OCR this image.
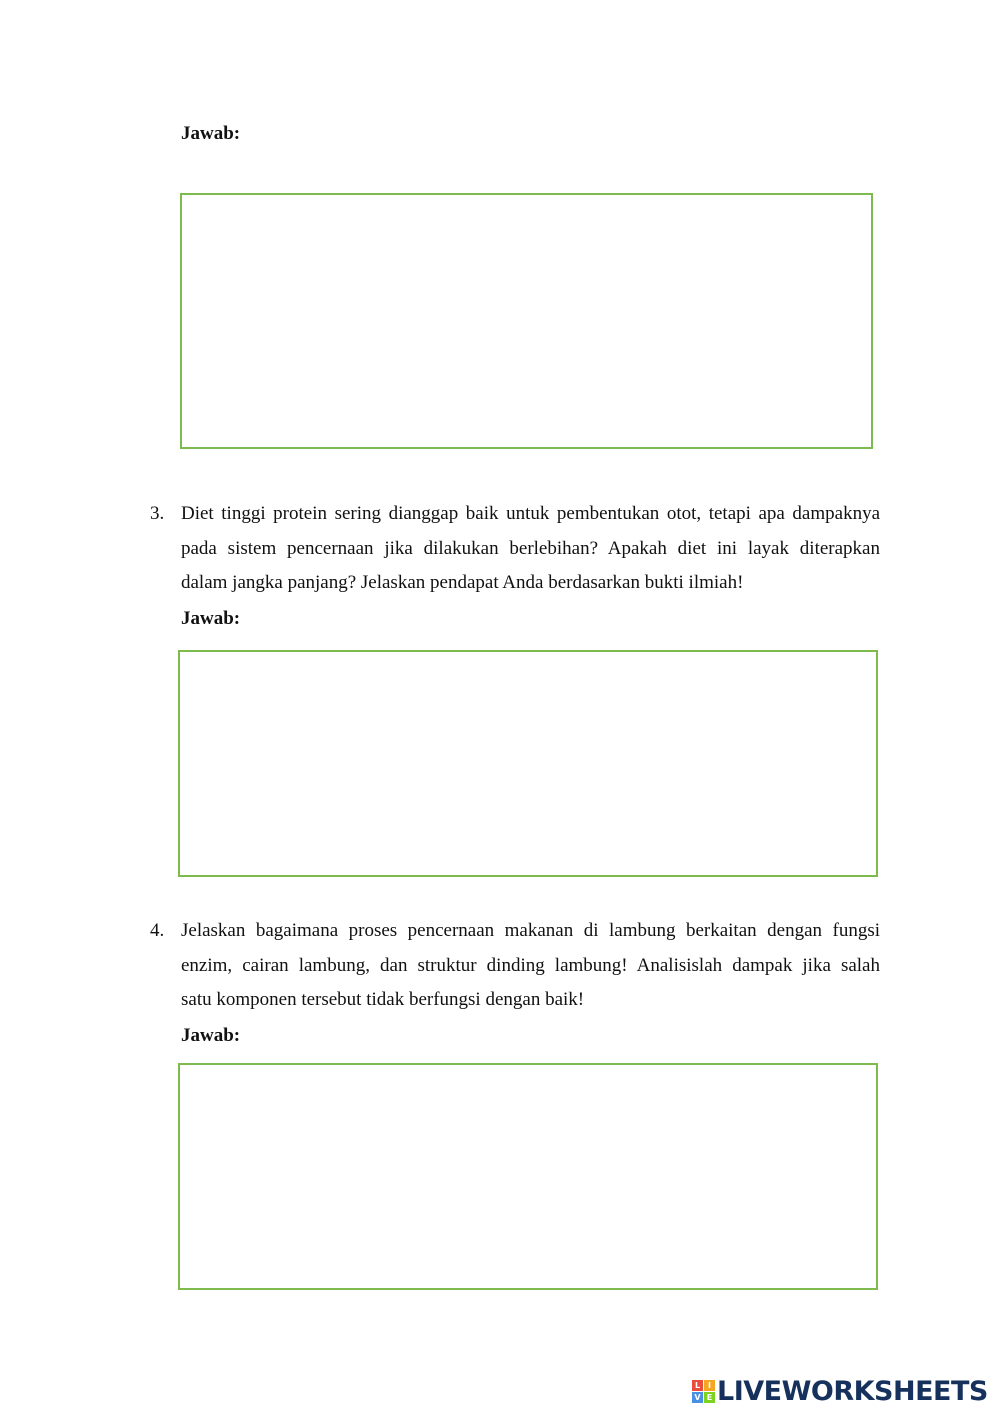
Jawab:
3. Diet tinggi protein sering dianggap baik untuk pembentukan otot, tetapi apa dampaknya
pada sistem pencernaan jika dilakukan berlebihan? Apakah diet ini layak diterapkan
dalam jangka panjang? Jelaskan pendapat Anda berdasarkan bukti ilmiah!
Jawab:
4. Jelaskan bagaimana proses pencernaan makanan di lambung berkaitan dengan fungsi
enzim, cairan lambung, dan struktur dinding lambung! Analisislah dampak jika salah
satu komponen tersebut tidak berfungsi dengan baik!
Jawab:
L I
V E LIVEWORKSHEETS
